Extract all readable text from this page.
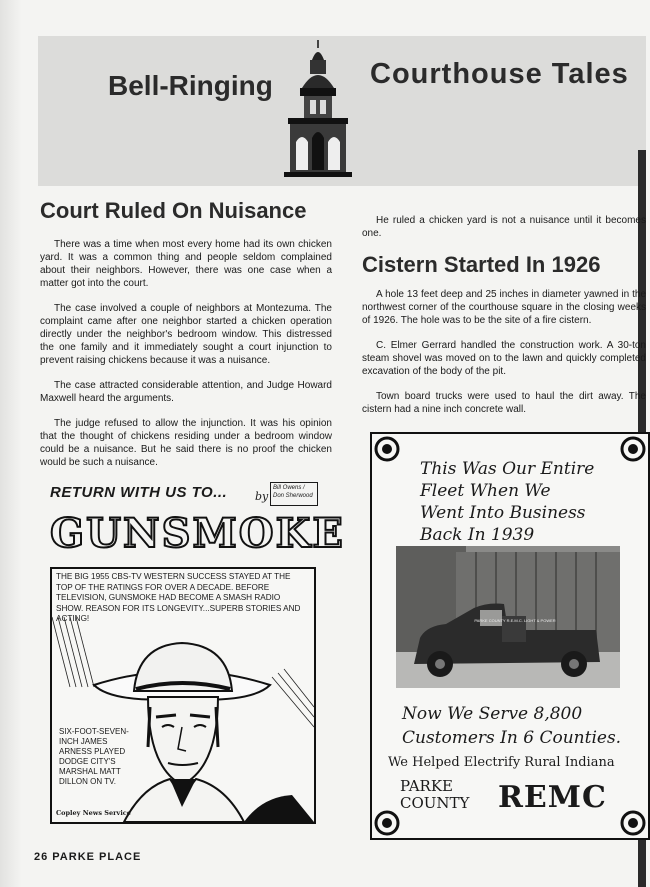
Bell-Ringing	Courthouse Tales
Court Ruled On Nuisance

There was a time when most every home had its own chicken yard. It was a common thing and people seldom complained about their neighbors. However, there was one case when a matter got into the court.

The case involved a couple of neighbors at Montezuma. The complaint came after one neighbor started a chicken operation directly under the neighbor's bedroom window. This distressed the one family and it immediately sought a court injunction to prevent raising chickens because it was a nuisance.

The case attracted considerable attention, and Judge Howard Maxwell heard the arguments.

The judge refused to allow the injunction. It was his opinion that the thought of chickens residing under a bedroom window could be a nuisance. But he said there is no proof the chicken would be such a nuisance.

He ruled a chicken yard is not a nuisance until it becomes one.

Cistern Started In 1926

A hole 13 feet deep and 25 inches in diameter yawned in the northwest corner of the courthouse square in the closing weeks of 1926. The hole was to be the site of a fire cistern.

C. Elmer Gerrard handled the construction work. A 30-ton steam shovel was moved on to the lawn and quickly completed excavation of the body of the pit.

Town board trucks were used to haul the dirt away. The cistern had a nine inch concrete wall.

RETURN WITH US TO...	by
Bill Owens / Don Sherwood
GUNSMOKE
THE BIG 1955 CBS-TV WESTERN SUCCESS STAYED AT THE TOP OF THE RATINGS FOR OVER A DECADE. BEFORE TELEVISION, GUNSMOKE HAD BECOME A SMASH RADIO SHOW. REASON FOR ITS LONGEVITY...SUPERB STORIES AND ACTING!
SIX-FOOT-SEVEN-INCH JAMES ARNESS PLAYED DODGE CITY'S MARSHAL MATT DILLON ON TV.
Copley News Service
This Was Our Entire
Fleet When We
Went Into Business
Back In 1939
PARKE COUNTY R.E.M.C. LIGHT & POWER
Now We Serve 8,800
Customers In 6 Counties.
We Helped Electrify Rural Indiana
PARKE
COUNTY REMC
26 PARKE PLACE
